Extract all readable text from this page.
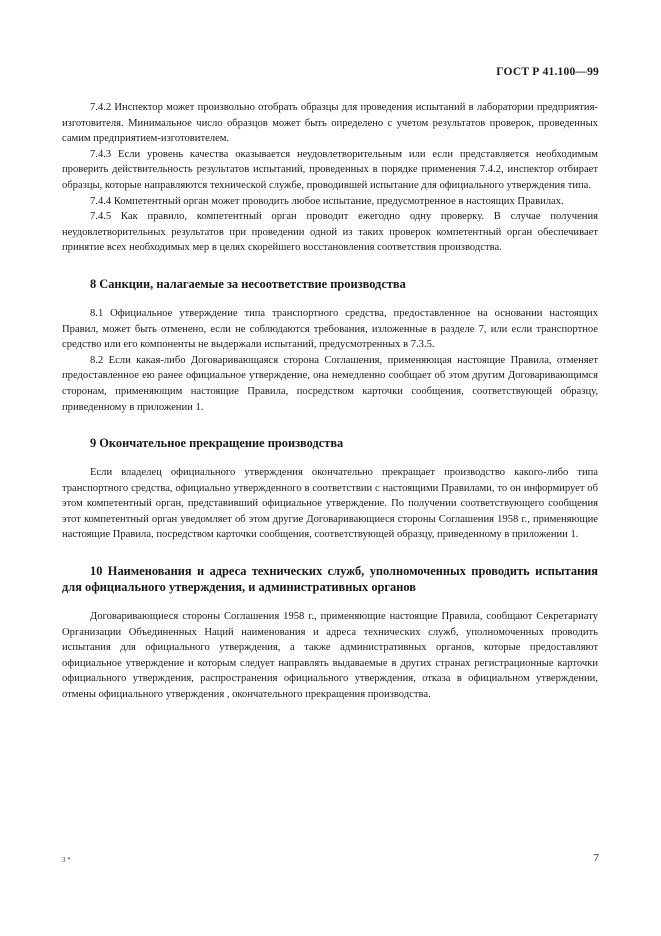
ГОСТ Р 41.100—99

7.4.2 Инспектор может произвольно отобрать образцы для проведения испытаний в лаборатории предприятия-изготовителя. Минимальное число образцов может быть определено с учетом результатов проверок, проведенных самим предприятием-изготовителем.

7.4.3 Если уровень качества оказывается неудовлетворительным или если представляется необходимым проверить действительность результатов испытаний, проведенных в порядке применения 7.4.2, инспектор отбирает образцы, которые направляются технической службе, проводившей испытание для официального утверждения типа.

7.4.4 Компетентный орган может проводить любое испытание, предусмотренное в настоящих Правилах.

7.4.5 Как правило, компетентный орган проводит ежегодно одну проверку. В случае получения неудовлетворительных результатов при проведении одной из таких проверок компетентный орган обеспечивает принятие всех необходимых мер в целях скорейшего восстановления соответствия производства.

8 Санкции, налагаемые за несоответствие производства

8.1 Официальное утверждение типа транспортного средства, предоставленное на основании настоящих Правил, может быть отменено, если не соблюдаются требования, изложенные в разделе 7, или если транспортное средство или его компоненты не выдержали испытаний, предусмотренных в 7.3.5.

8.2 Если какая-либо Договаривающаяся сторона Соглашения, применяющая настоящие Правила, отменяет предоставленное ею ранее официальное утверждение, она немедленно сообщает об этом другим Договаривающимся сторонам, применяющим настоящие Правила, посредством карточки сообщения, соответствующей образцу, приведенному в приложении 1.

9 Окончательное прекращение производства

Если владелец официального утверждения окончательно прекращает производство какого-либо типа транспортного средства, официально утвержденного в соответствии с настоящими Правилами, то он информирует об этом компетентный орган, представивший официальное утверждение. По получении соответствующего сообщения этот компетентный орган уведомляет об этом другие Договаривающиеся стороны Соглашения 1958 г., применяющие настоящие Правила, посредством карточки сообщения, соответствующей образцу, приведенному в приложении 1.

10 Наименования и адреса технических служб, уполномоченных проводить испытания для официального утверждения, и административных органов

Договаривающиеся стороны Соглашения 1958 г., применяющие настоящие Правила, сообщают Секретариату Организации Объединенных Наций наименования и адреса технических служб, уполномоченных проводить испытания для официального утверждения, а также административных органов, которые предоставляют официальное утверждение и которым следует направлять выдаваемые в других странах регистрационные карточки официального утверждения, распространения официального утверждения, отказа в официальном утверждении, отмены официального утверждения , окончательного прекращения производства.

3 *	7
